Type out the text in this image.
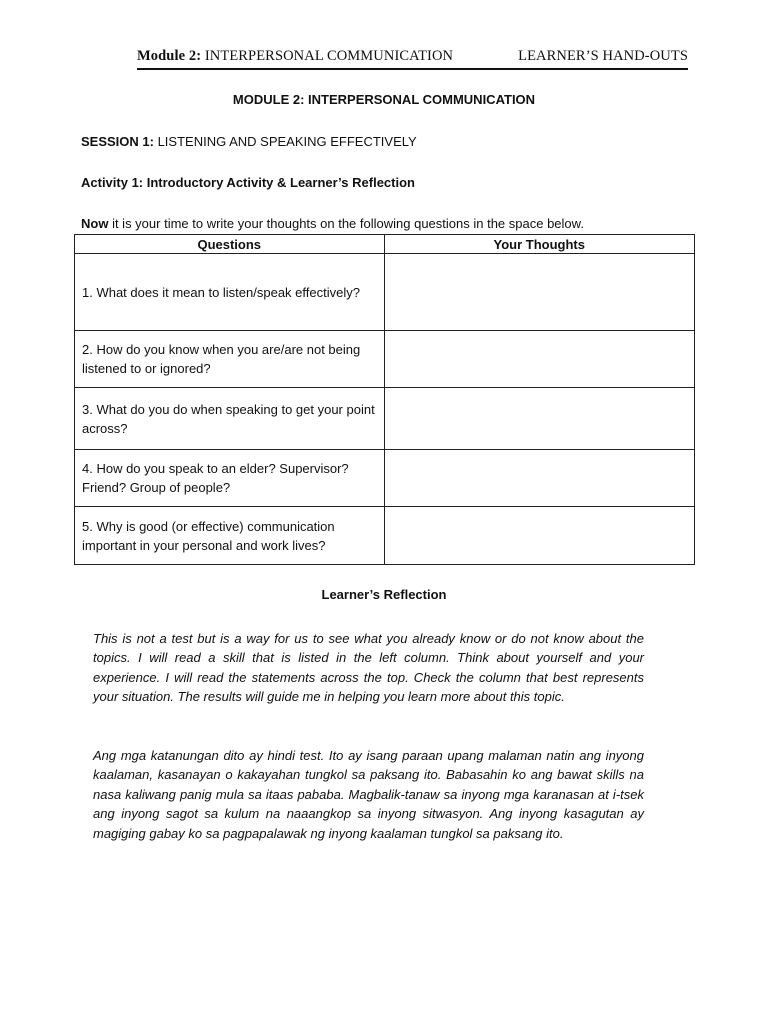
Module 2: INTERPERSONAL COMMUNICATION	LEARNER’S HAND-OUTS
MODULE 2: INTERPERSONAL COMMUNICATION
SESSION 1: LISTENING AND SPEAKING EFFECTIVELY
Activity 1: Introductory Activity & Learner’s Reflection
Now it is your time to write your thoughts on the following questions in the space below.
Questions	Your Thoughts
1. What does it mean to listen/speak effectively?	
2. How do you know when you are/are not being listened to or ignored?	
3. What do you do when speaking to get your point across?	
4. How do you speak to an elder? Supervisor? Friend? Group of people?	
5. Why is good (or effective) communication important in your personal and work lives?	
Learner’s Reflection

This is not a test but is a way for us to see what you already know or do not know about the topics. I will read a skill that is listed in the left column. Think about yourself and your experience. I will read the statements across the top. Check the column that best represents your situation. The results will guide me in helping you learn more about this topic.

Ang mga katanungan dito ay hindi test. Ito ay isang paraan upang malaman natin ang inyong kaalaman, kasanayan o kakayahan tungkol sa paksang ito. Babasahin ko ang bawat skills na nasa kaliwang panig mula sa itaas pababa. Magbalik-tanaw sa inyong mga karanasan at i-tsek ang inyong sagot sa kulum na naaangkop sa inyong sitwasyon. Ang inyong kasagutan ay magiging gabay ko sa pagpapalawak ng inyong kaalaman tungkol sa paksang ito.
